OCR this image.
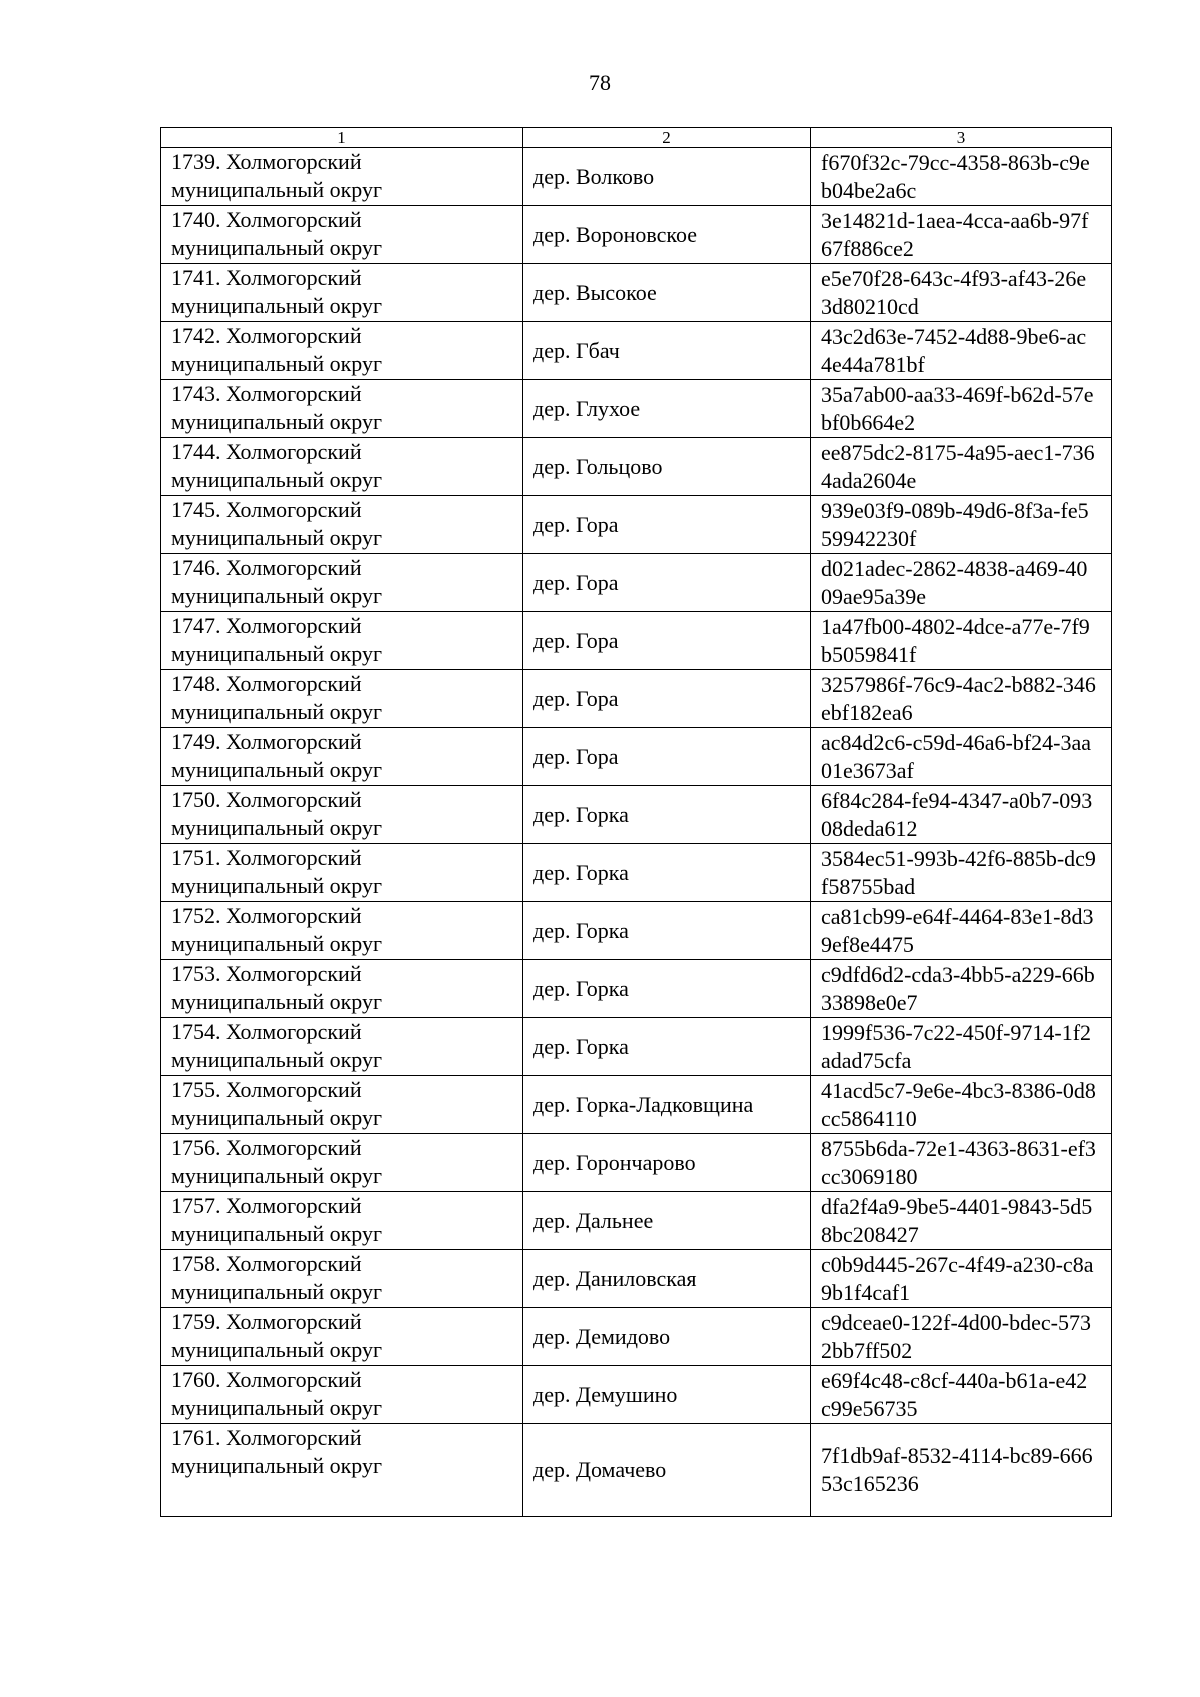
78
1	2	3
1739. Холмогорский муниципальный округ	дер. Волково	f670f32c-79cc-4358-863b-c9eb04be2a6c
1740. Холмогорский муниципальный округ	дер. Вороновское	3e14821d-1aea-4cca-aa6b-97f67f886ce2
1741. Холмогорский муниципальный округ	дер. Высокое	e5e70f28-643c-4f93-af43-26e3d80210cd
1742. Холмогорский муниципальный округ	дер. Гбач	43c2d63e-7452-4d88-9be6-ac4e44a781bf
1743. Холмогорский муниципальный округ	дер. Глухое	35a7ab00-aa33-469f-b62d-57ebf0b664e2
1744. Холмогорский муниципальный округ	дер. Гольцово	ee875dc2-8175-4a95-aec1-7364ada2604e
1745. Холмогорский муниципальный округ	дер. Гора	939e03f9-089b-49d6-8f3a-fe559942230f
1746. Холмогорский муниципальный округ	дер. Гора	d021adec-2862-4838-a469-4009ae95a39e
1747. Холмогорский муниципальный округ	дер. Гора	1a47fb00-4802-4dce-a77e-7f9b5059841f
1748. Холмогорский муниципальный округ	дер. Гора	3257986f-76c9-4ac2-b882-346ebf182ea6
1749. Холмогорский муниципальный округ	дер. Гора	ac84d2c6-c59d-46a6-bf24-3aa01e3673af
1750. Холмогорский муниципальный округ	дер. Горка	6f84c284-fe94-4347-a0b7-09308deda612
1751. Холмогорский муниципальный округ	дер. Горка	3584ec51-993b-42f6-885b-dc9f58755bad
1752. Холмогорский муниципальный округ	дер. Горка	ca81cb99-e64f-4464-83e1-8d39ef8e4475
1753. Холмогорский муниципальный округ	дер. Горка	c9dfd6d2-cda3-4bb5-a229-66b33898e0e7
1754. Холмогорский муниципальный округ	дер. Горка	1999f536-7c22-450f-9714-1f2adad75cfa
1755. Холмогорский муниципальный округ	дер. Горка-Ладковщина	41acd5c7-9e6e-4bc3-8386-0d8cc5864110
1756. Холмогорский муниципальный округ	дер. Горончарово	8755b6da-72e1-4363-8631-ef3cc3069180
1757. Холмогорский муниципальный округ	дер. Дальнее	dfa2f4a9-9be5-4401-9843-5d58bc208427
1758. Холмогорский муниципальный округ	дер. Даниловская	c0b9d445-267c-4f49-a230-c8a9b1f4caf1
1759. Холмогорский муниципальный округ	дер. Демидово	c9dceae0-122f-4d00-bdec-5732bb7ff502
1760. Холмогорский муниципальный округ	дер. Демушино	e69f4c48-c8cf-440a-b61a-e42c99e56735
1761. Холмогорский муниципальный округ	дер. Домачево	7f1db9af-8532-4114-bc89-66653c165236
